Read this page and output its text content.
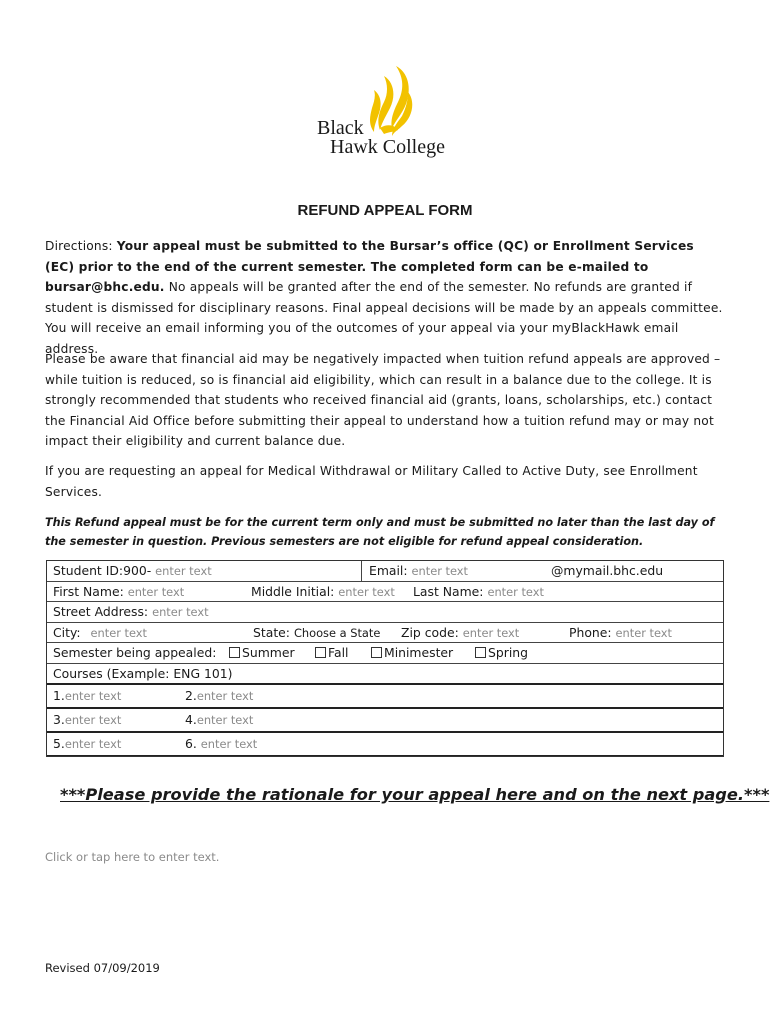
Black
Hawk College
REFUND APPEAL FORM
Directions: Your appeal must be submitted to the Bursar’s office (QC) or Enrollment Services (EC) prior to the end of the current semester. The completed form can be e-mailed to bursar@bhc.edu. No appeals will be granted after the end of the semester. No refunds are granted if student is dismissed for disciplinary reasons. Final appeal decisions will be made by an appeals committee. You will receive an email informing you of the outcomes of your appeal via your myBlackHawk email address.
Please be aware that financial aid may be negatively impacted when tuition refund appeals are approved – while tuition is reduced, so is financial aid eligibility, which can result in a balance due to the college. It is strongly recommended that students who received financial aid (grants, loans, scholarships, etc.) contact the Financial Aid Office before submitting their appeal to understand how a tuition refund may or may not impact their eligibility and current balance due.
If you are requesting an appeal for Medical Withdrawal or Military Called to Active Duty, see Enrollment Services.
This Refund appeal must be for the current term only and must be submitted no later than the last day of the semester in question. Previous semesters are not eligible for refund appeal consideration.
Student ID:900- enter text	Email: enter text	@mymail.bhc.edu
First Name: enter text	Middle Initial: enter text Last Name: enter text
Street Address: enter text
City: enter text	State: Choose a State Zip code: enter text	Phone: enter text
Semester being appealed:	Summer	Fall	Minimester	Spring
Courses (Example: ENG 101)
1.enter text	2.enter text
3.enter text	4.enter text
5.enter text	6. enter text
***Please provide the rationale for your appeal here and on the next page.***
Click or tap here to enter text.
Revised 07/09/2019
